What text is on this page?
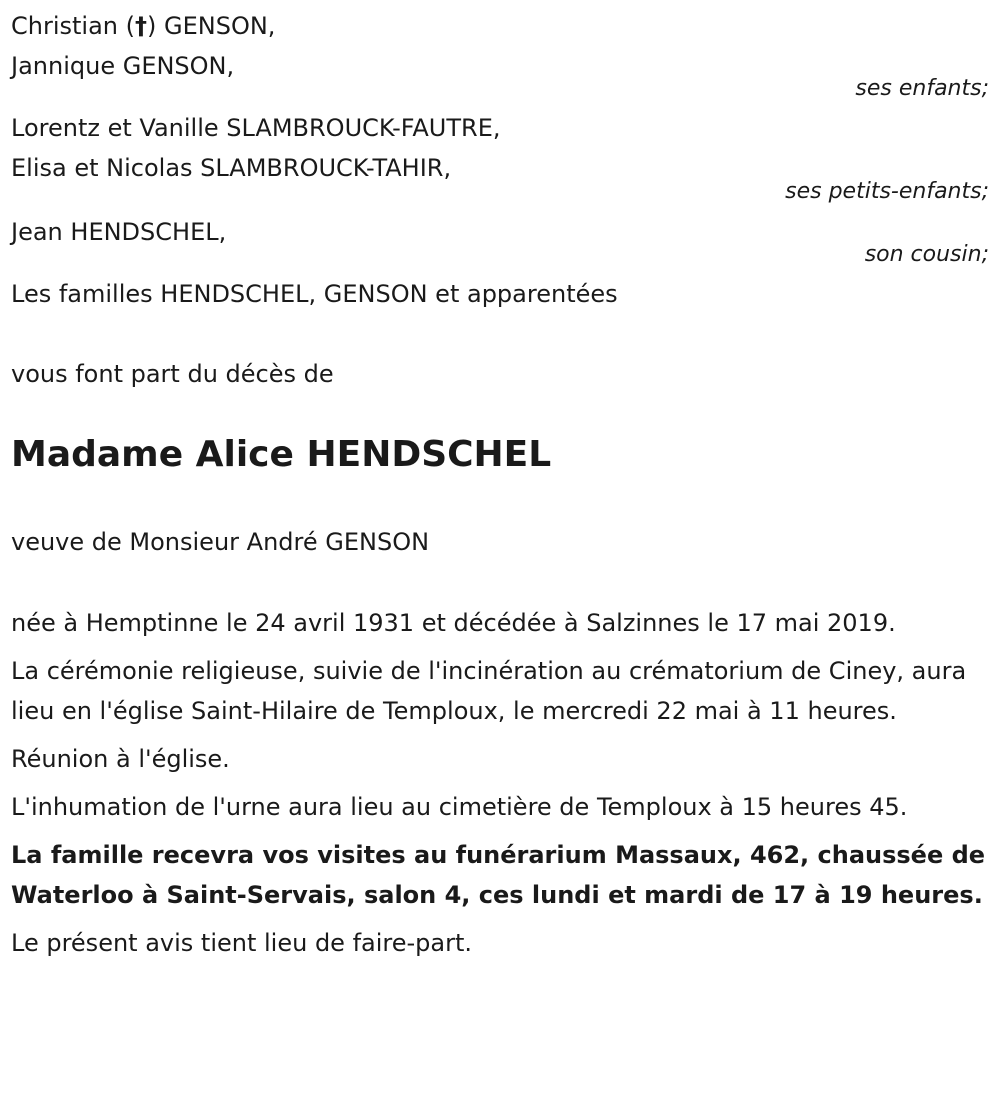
Christian (†) GENSON,
Jannique GENSON,
ses enfants;
Lorentz et Vanille SLAMBROUCK-FAUTRE,
Elisa et Nicolas SLAMBROUCK-TAHIR,
ses petits-enfants;
Jean HENDSCHEL,
son cousin;
Les familles HENDSCHEL, GENSON et apparentées
vous font part du décès de
Madame Alice HENDSCHEL
veuve de Monsieur André GENSON

née à Hemptinne le 24 avril 1931 et décédée à Salzinnes le 17 mai 2019.

La cérémonie religieuse, suivie de l'incinération au crématorium de Ciney, aura lieu en l'église Saint-Hilaire de Temploux, le mercredi 22 mai à 11 heures.

Réunion à l'église.

L'inhumation de l'urne aura lieu au cimetière de Temploux à 15 heures 45.

La famille recevra vos visites au funérarium Massaux, 462, chaussée de Waterloo à Saint-Servais, salon 4, ces lundi et mardi de 17 à 19 heures.

Le présent avis tient lieu de faire-part.
